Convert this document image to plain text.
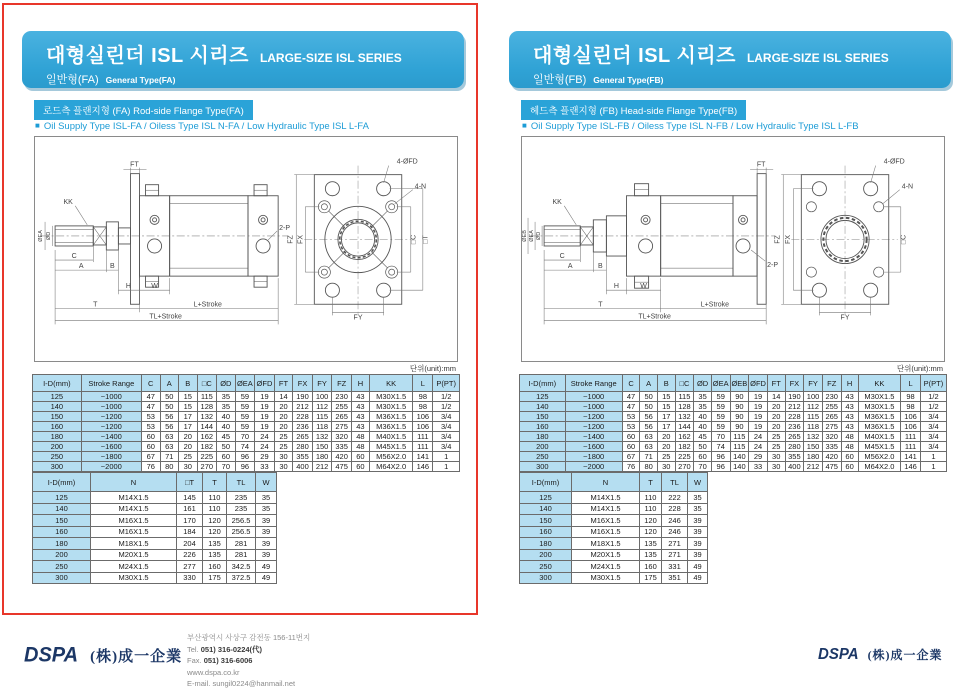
대형실린더 ISL 시리즈 LARGE-SIZE ISL SERIES
일반형(FA) General Type(FA)
로드측 플랜지형 (FA) Rod-side Flange Type(FA)
■ Oil Supply Type ISL-FA / Oiless Type ISL N-FA / Low Hydraulic Type ISL L-FA
KK
FT
ØEA ØD
C
A	B
H	W
T	L+Stroke
TL+Stroke
2-P
FZ FX	□C □T
FY
4-ØFD
4-N
단위(unit):mm
I-D(mm)	Stroke Range	C	A	B	□C	ØD	ØEA	ØFD	FT	FX	FY	FZ	H	KK	L	P(PT)
125	~1000	47	50	15	115	35	59	19	14	190	100	230	43	M30X1.5	98	1/2
140	~1000	47	50	15	128	35	59	19	20	212	112	255	43	M30X1.5	98	1/2
150	~1200	53	56	17	132	40	59	19	20	228	115	265	43	M36X1.5	106	3/4
160	~1200	53	56	17	144	40	59	19	20	236	118	275	43	M36X1.5	106	3/4
180	~1400	60	63	20	162	45	70	24	25	265	132	320	48	M40X1.5	111	3/4
200	~1600	60	63	20	182	50	74	24	25	280	150	335	48	M45X1.5	111	3/4
250	~1800	67	71	25	225	60	96	29	30	355	180	420	60	M56X2.0	141	1
300	~2000	76	80	30	270	70	96	33	30	400	212	475	60	M64X2.0	146	1
I-D(mm)	N	□T	T	TL	W
125	M14X1.5	145	110	235	35
140	M14X1.5	161	110	235	35
150	M16X1.5	170	120	256.5	39
160	M16X1.5	184	120	256.5	39
180	M18X1.5	204	135	281	39
200	M20X1.5	226	135	281	39
250	M24X1.5	277	160	342.5	49
300	M30X1.5	330	175	372.5	49
대형실린더 ISL 시리즈 LARGE-SIZE ISL SERIES
일반형(FB) General Type(FB)
헤드측 플랜지형 (FB) Head-side Flange Type(FB)
■ Oil Supply Type ISL-FB / Oiless Type ISL N-FB / Low Hydraulic Type ISL L-FB
KK
FT
ØEB ØEA ØD
C
A	B
H	W
T	L+Stroke
TL+Stroke
2-P
FZ FX	□C
FY
4-ØFD
4-N
단위(unit):mm
I-D(mm)	Stroke Range	C	A	B	□C	ØD	ØEA	ØEB	ØFD	FT	FX	FY	FZ	H	KK	L	P(PT)
125	~1000	47	50	15	115	35	59	90	19	14	190	100	230	43	M30X1.5	98	1/2
140	~1000	47	50	15	128	35	59	90	19	20	212	112	255	43	M30X1.5	98	1/2
150	~1200	53	56	17	132	40	59	90	19	20	228	115	265	43	M36X1.5	106	3/4
160	~1200	53	56	17	144	40	59	90	19	20	236	118	275	43	M36X1.5	106	3/4
180	~1400	60	63	20	162	45	70	115	24	25	265	132	320	48	M40X1.5	111	3/4
200	~1600	60	63	20	182	50	74	115	24	25	280	150	335	48	M45X1.5	111	3/4
250	~1800	67	71	25	225	60	96	140	29	30	355	180	420	60	M56X2.0	141	1
300	~2000	76	80	30	270	70	96	140	33	30	400	212	475	60	M64X2.0	146	1
I-D(mm)	N	T	TL	W
125	M14X1.5	110	222	35
140	M14X1.5	110	228	35
150	M16X1.5	120	246	39
160	M16X1.5	120	246	39
180	M18X1.5	135	271	39
200	M20X1.5	135	271	39
250	M24X1.5	160	331	49
300	M30X1.5	175	351	49
DSPA (株)成一企業
부산광역시 사상구 감전동 156-11번지
Tel. 051) 316-0224(代)
Fax. 051) 316-6006
www.dspa.co.kr
E-mail. sungil0224@hanmail.net
DSPA (株)成一企業
